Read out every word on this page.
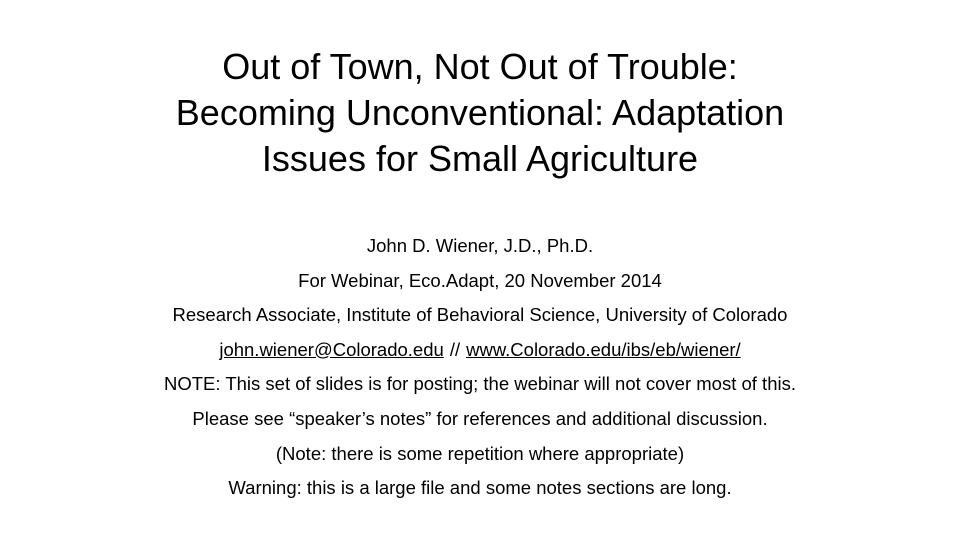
Out of Town, Not Out of Trouble:
Becoming Unconventional: Adaptation
Issues for Small Agriculture
John D. Wiener, J.D., Ph.D.
For Webinar, Eco.Adapt, 20 November 2014
Research Associate, Institute of Behavioral Science, University of Colorado
john.wiener@Colorado.edu // www.Colorado.edu/ibs/eb/wiener/
NOTE: This set of slides is for posting; the webinar will not cover most of this.
Please see “speaker’s notes” for references and additional discussion.
(Note: there is some repetition where appropriate)
Warning: this is a large file and some notes sections are long.
